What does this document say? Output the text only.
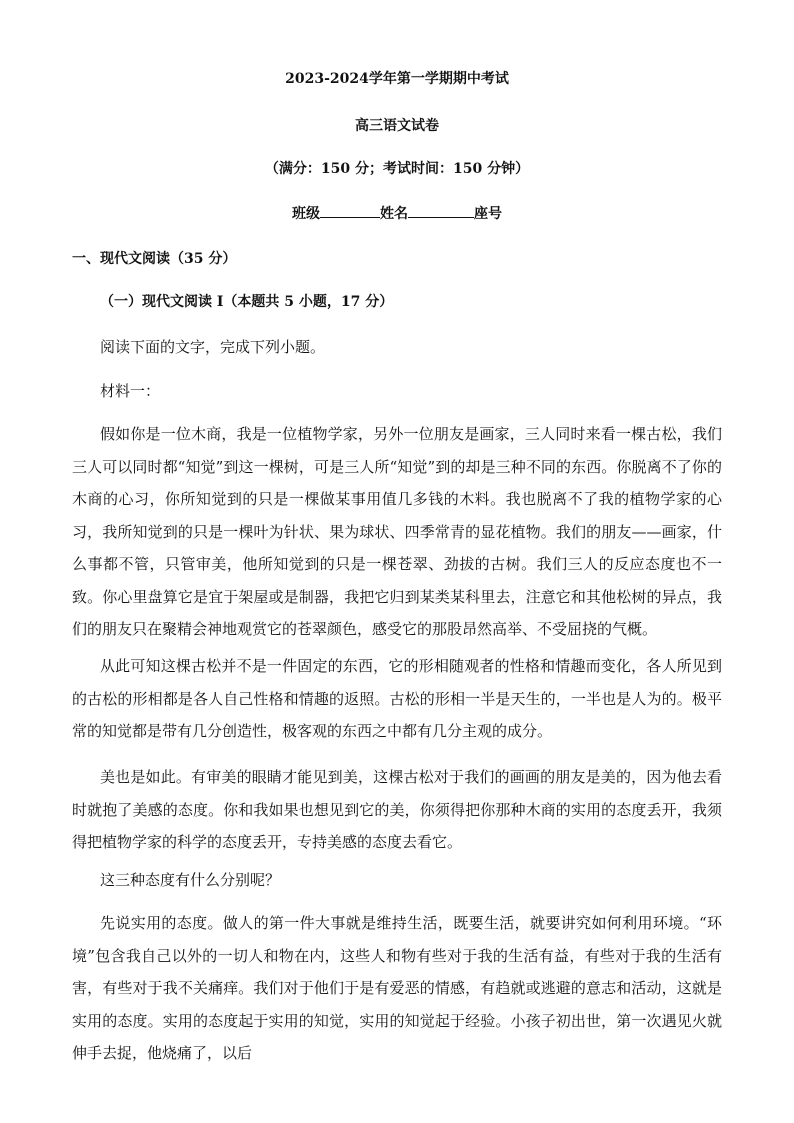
2023-2024学年第一学期期中考试
高三语文试卷
（满分：150 分；考试时间：150 分钟）
班级	姓名	座号
一、现代文阅读（35 分）
（一）现代文阅读 I（本题共 5 小题，17 分）
阅读下面的文字，完成下列小题。
材料一：

假如你是一位木商，我是一位植物学家，另外一位朋友是画家，三人同时来看一棵古松，我们三人可以同时都“知觉”到这一棵树，可是三人所“知觉”到的却是三种不同的东西。你脱离不了你的木商的心习，你所知觉到的只是一棵做某事用值几多钱的木料。我也脱离不了我的植物学家的心习，我所知觉到的只是一棵叶为针状、果为球状、四季常青的显花植物。我们的朋友——画家，什么事都不管，只管审美，他所知觉到的只是一棵苍翠、劲拔的古树。我们三人的反应态度也不一致。你心里盘算它是宜于架屋或是制器，我把它归到某类某科里去，注意它和其他松树的异点，我们的朋友只在聚精会神地观赏它的苍翠颜色，感受它的那股昂然高举、不受屈挠的气概。

从此可知这棵古松并不是一件固定的东西，它的形相随观者的性格和情趣而变化，各人所见到的古松的形相都是各人自己性格和情趣的返照。古松的形相一半是天生的，一半也是人为的。极平常的知觉都是带有几分创造性，极客观的东西之中都有几分主观的成分。

美也是如此。有审美的眼睛才能见到美，这棵古松对于我们的画画的朋友是美的，因为他去看时就抱了美感的态度。你和我如果也想见到它的美，你须得把你那种木商的实用的态度丢开，我须得把植物学家的科学的态度丢开，专持美感的态度去看它。

这三种态度有什么分别呢？

先说实用的态度。做人的第一件大事就是维持生活，既要生活，就要讲究如何利用环境。“环境”包含我自己以外的一切人和物在内，这些人和物有些对于我的生活有益，有些对于我的生活有害，有些对于我不关痛痒。我们对于他们于是有爱恶的情感，有趋就或逃避的意志和活动，这就是实用的态度。实用的态度起于实用的知觉，实用的知觉起于经验。小孩子初出世，第一次遇见火就伸手去捉，他烧痛了，以后
